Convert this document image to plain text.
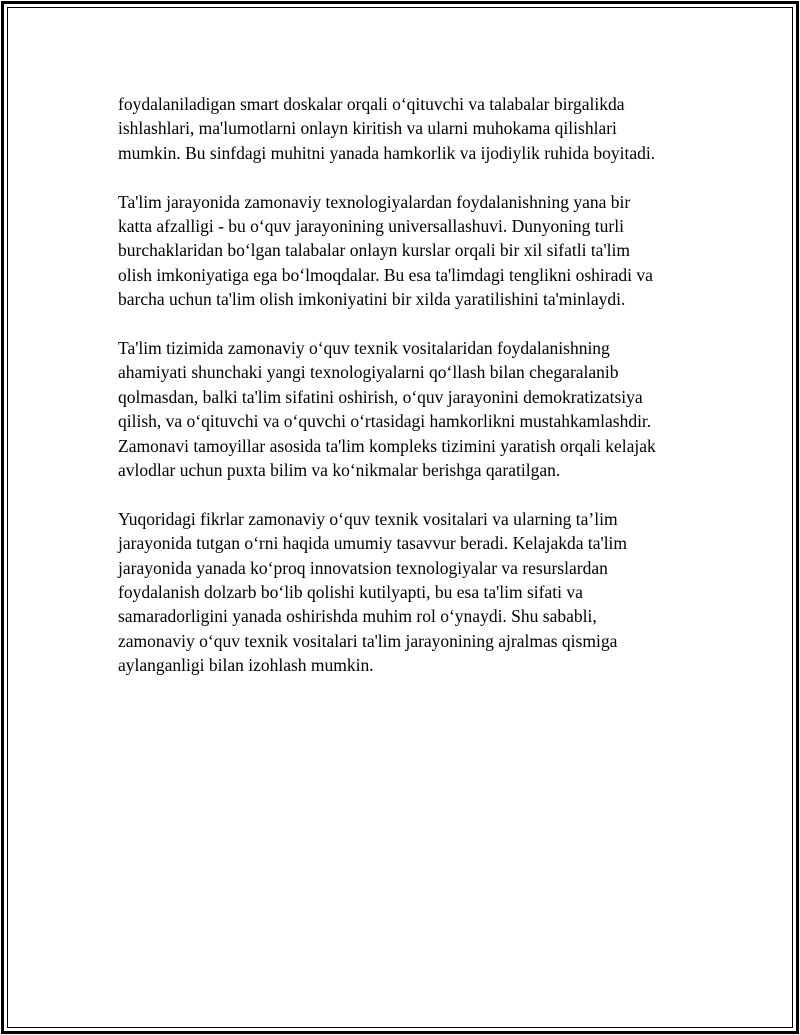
foydalaniladigan smart doskalar orqali o‘qituvchi va talabalar birgalikda
ishlashlari, ma'lumotlarni onlayn kiritish va ularni muhokama qilishlari
mumkin. Bu sinfdagi muhitni yanada hamkorlik va ijodiylik ruhida boyitadi.

Ta'lim jarayonida zamonaviy texnologiyalardan foydalanishning yana bir
katta afzalligi - bu o‘quv jarayonining universallashuvi. Dunyoning turli
burchaklaridan bo‘lgan talabalar onlayn kurslar orqali bir xil sifatli ta'lim
olish imkoniyatiga ega bo‘lmoqdalar. Bu esa ta'limdagi tenglikni oshiradi va
barcha uchun ta'lim olish imkoniyatini bir xilda yaratilishini ta'minlaydi.

Ta'lim tizimida zamonaviy o‘quv texnik vositalaridan foydalanishning
ahamiyati shunchaki yangi texnologiyalarni qo‘llash bilan chegaralanib
qolmasdan, balki ta'lim sifatini oshirish, o‘quv jarayonini demokratizatsiya
qilish, va o‘qituvchi va o‘quvchi o‘rtasidagi hamkorlikni mustahkamlashdir.
Zamonavi tamoyillar asosida ta'lim kompleks tizimini yaratish orqali kelajak
avlodlar uchun puxta bilim va ko‘nikmalar berishga qaratilgan.

Yuqoridagi fikrlar zamonaviy o‘quv texnik vositalari va ularning ta’lim
jarayonida tutgan o‘rni haqida umumiy tasavvur beradi. Kelajakda ta'lim
jarayonida yanada ko‘proq innovatsion texnologiyalar va resurslardan
foydalanish dolzarb bo‘lib qolishi kutilyapti, bu esa ta'lim sifati va
samaradorligini yanada oshirishda muhim rol o‘ynaydi. Shu sababli,
zamonaviy o‘quv texnik vositalari ta'lim jarayonining ajralmas qismiga
aylanganligi bilan izohlash mumkin.
